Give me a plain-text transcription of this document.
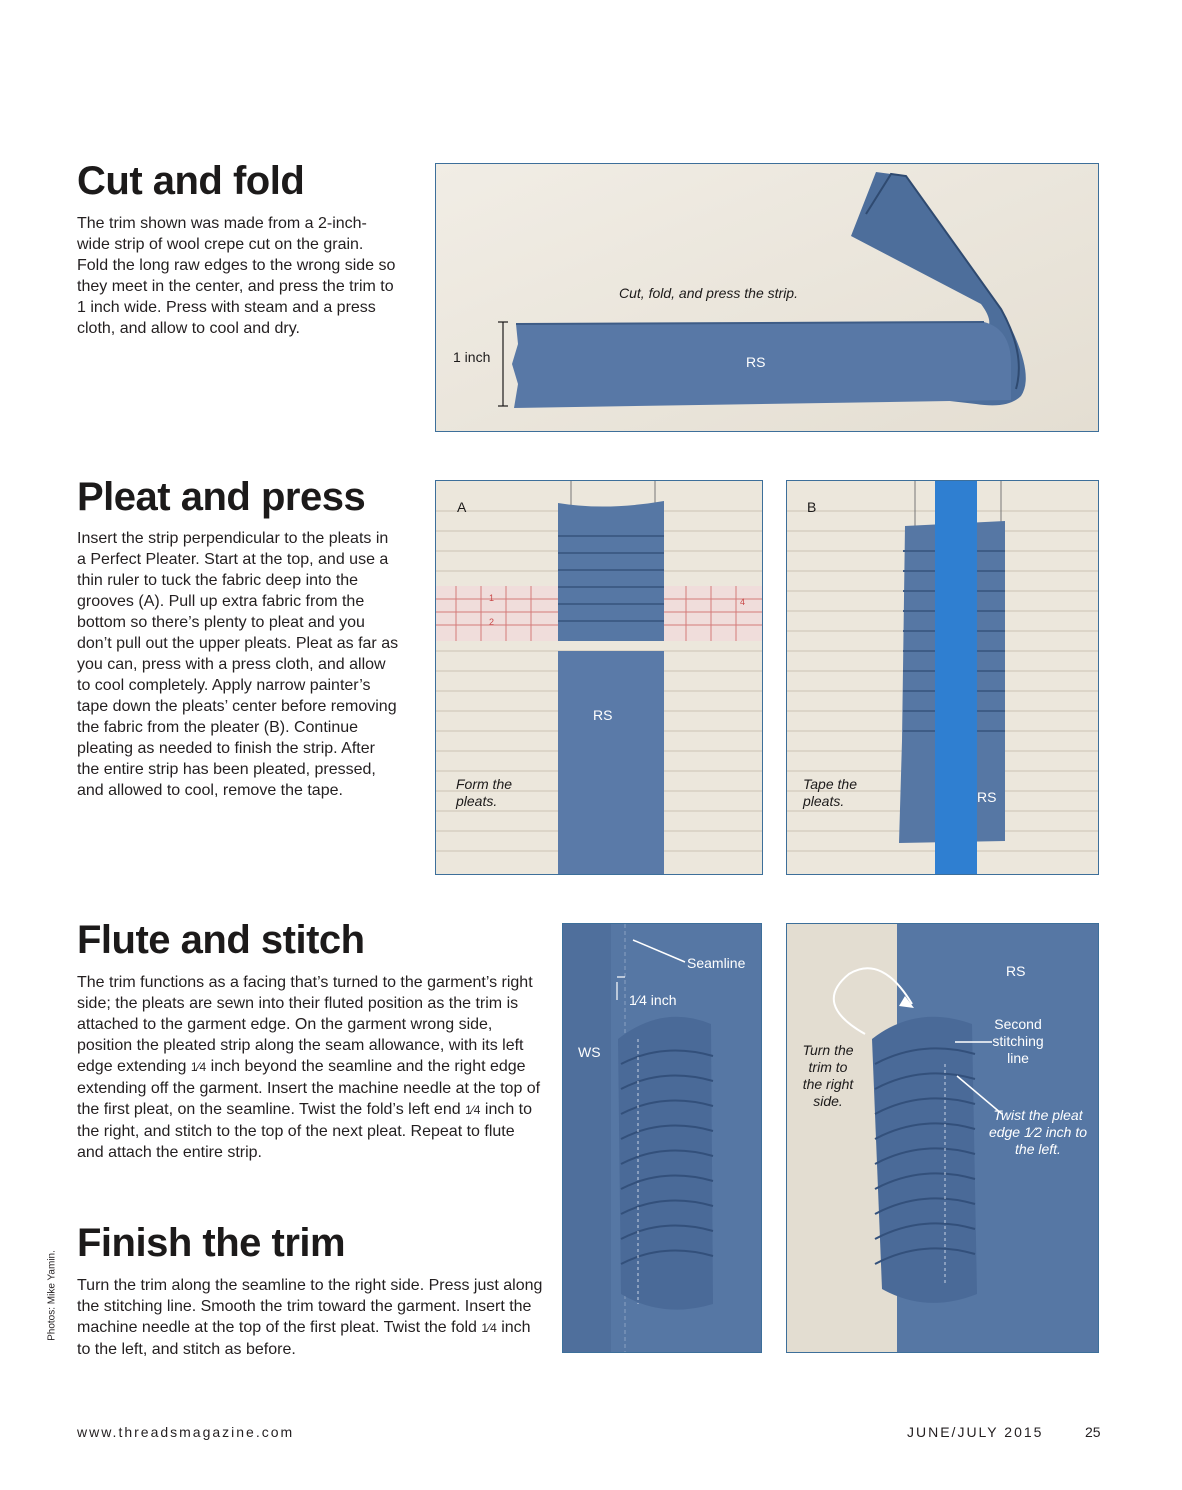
Cut and fold

The trim shown was made from a 2-inch-wide strip of wool crepe cut on the grain. Fold the long raw edges to the wrong side so they meet in the center, and press the trim to 1 inch wide. Press with steam and a press cloth, and allow to cool and dry.

Cut, fold, and press the strip.
1 inch	RS
Pleat and press

Insert the strip perpendicular to the pleats in a Perfect Pleater. Start at the top, and use a thin ruler to tuck the fabric deep into the grooves (A). Pull up extra fabric from the bottom so there’s plenty to pleat and you don’t pull out the upper pleats. Pleat as far as you can, press with a press cloth, and allow to cool completely. Apply narrow painter’s tape down the pleats’ center before removing the fabric from the pleater (B). Continue pleating as needed to finish the strip. After the entire strip has been pleated, pressed, and allowed to cool, remove the tape.

A
1
2
4
RS
Form the
pleats.
B
Tape the
pleats.	RS
Flute and stitch

The trim functions as a facing that’s turned to the garment’s right side; the pleats are sewn into their fluted position as the trim is attached to the garment edge. On the garment wrong side, position the pleated strip along the seam allowance, with its left edge extending 1⁄4 inch beyond the seamline and the right edge extending off the garment. Insert the machine needle at the top of the first pleat, on the seamline. Twist the fold’s left end 1⁄4 inch to the right, and stitch to the top of the next pleat. Repeat to flute and attach the entire strip.

Finish the trim

Turn the trim along the seamline to the right side. Press just along the stitching line. Smooth the trim toward the garment. Insert the machine needle at the top of the first pleat. Twist the fold 1⁄4 inch to the left, and stitch as before.

Seamline
1⁄4 inch
WS
RS
Second
stitching
line
Turn the
trim to
the right
side.
Twist the pleat
edge 1⁄2 inch to
the left.
Photos: Mike Yamin.
www.threadsmagazine.com	JUNE/JULY 2015	25
